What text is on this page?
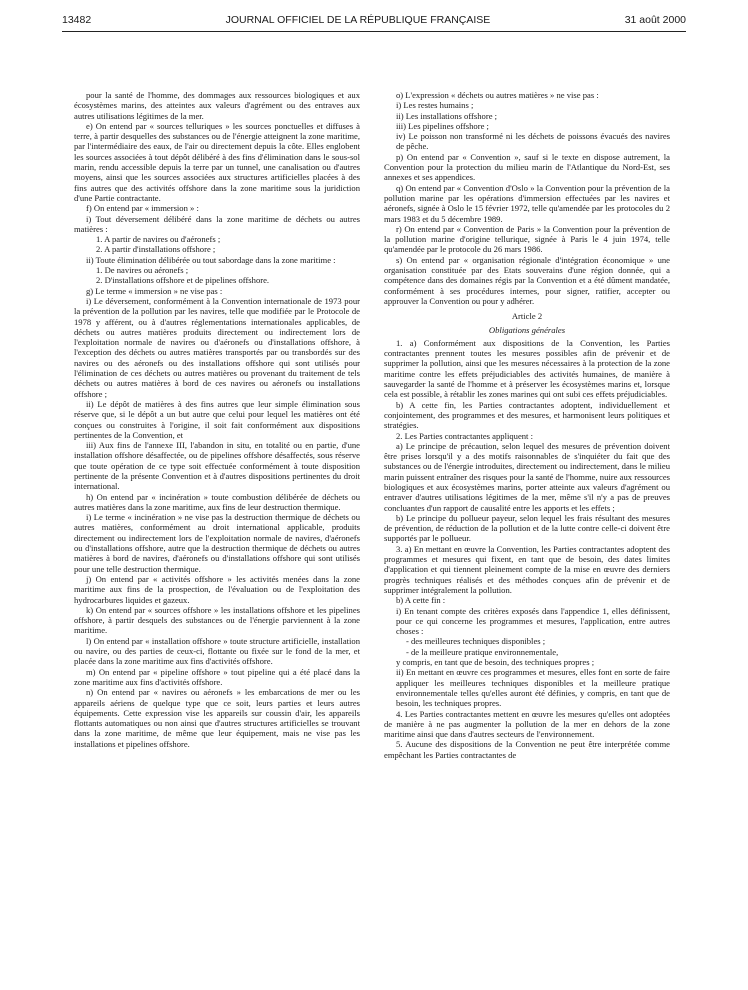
13482	JOURNAL OFFICIEL DE LA RÉPUBLIQUE FRANÇAISE	31 août 2000

pour la santé de l'homme, des dommages aux ressources biologiques et aux écosystèmes marins, des atteintes aux valeurs d'agrément ou des entraves aux autres utilisations légitimes de la mer.

e) On entend par « sources telluriques » les sources ponctuelles et diffuses à terre, à partir desquelles des substances ou de l'énergie atteignent la zone maritime, par l'intermédiaire des eaux, de l'air ou directement depuis la côte. Elles englobent les sources associées à tout dépôt délibéré à des fins d'élimination dans le sous-sol marin, rendu accessible depuis la terre par un tunnel, une canalisation ou d'autres moyens, ainsi que les sources associées aux structures artificielles placées à des fins autres que des activités offshore dans la zone maritime sous la juridiction d'une Partie contractante.

f) On entend par « immersion » :

i) Tout déversement délibéré dans la zone maritime de déchets ou autres matières :

1. A partir de navires ou d'aéronefs ;

2. A partir d'installations offshore ;

ii) Toute élimination délibérée ou tout sabordage dans la zone maritime :

1. De navires ou aéronefs ;

2. D'installations offshore et de pipelines offshore.

g) Le terme « immersion » ne vise pas :

i) Le déversement, conformément à la Convention internationale de 1973 pour la prévention de la pollution par les navires, telle que modifiée par le Protocole de 1978 y afférent, ou à d'autres réglementations internationales applicables, de déchets ou autres matières produits directement ou indirectement lors de l'exploitation normale de navires ou d'aéronefs ou d'installations offshore, à l'exception des déchets ou autres matières transportés par ou transbordés sur des navires ou des aéronefs ou des installations offshore qui sont utilisés pour l'élimination de ces déchets ou autres matières ou provenant du traitement de tels déchets ou autres matières à bord de ces navires ou aéronefs ou installations offshore ;

ii) Le dépôt de matières à des fins autres que leur simple élimination sous réserve que, si le dépôt a un but autre que celui pour lequel les matières ont été conçues ou construites à l'origine, il soit fait conformément aux dispositions pertinentes de la Convention, et

iii) Aux fins de l'annexe III, l'abandon in situ, en totalité ou en partie, d'une installation offshore désaffectée, ou de pipelines offshore désaffectés, sous réserve que toute opération de ce type soit effectuée conformément à toute disposition pertinente de la présente Convention et à d'autres dispositions pertinentes du droit international.

h) On entend par « incinération » toute combustion délibérée de déchets ou autres matières dans la zone maritime, aux fins de leur destruction thermique.

i) Le terme « incinération » ne vise pas la destruction thermique de déchets ou autres matières, conformément au droit international applicable, produits directement ou indirectement lors de l'exploitation normale de navires, d'aéronefs ou d'installations offshore, autre que la destruction thermique de déchets ou autres matières à bord de navires, d'aéronefs ou d'installations offshore qui sont utilisés pour une telle destruction thermique.

j) On entend par « activités offshore » les activités menées dans la zone maritime aux fins de la prospection, de l'évaluation ou de l'exploitation des hydrocarbures liquides et gazeux.

k) On entend par « sources offshore » les installations offshore et les pipelines offshore, à partir desquels des substances ou de l'énergie parviennent à la zone maritime.

l) On entend par « installation offshore » toute structure artificielle, installation ou navire, ou des parties de ceux-ci, flottante ou fixée sur le fond de la mer, et placée dans la zone maritime aux fins d'activités offshore.

m) On entend par « pipeline offshore » tout pipeline qui a été placé dans la zone maritime aux fins d'activités offshore.

n) On entend par « navires ou aéronefs » les embarcations de mer ou les appareils aériens de quelque type que ce soit, leurs parties et leurs autres équipements. Cette expression vise les appareils sur coussin d'air, les appareils flottants automatiques ou non ainsi que d'autres structures artificielles se trouvant dans la zone maritime, de même que leur équipement, mais ne vise pas les installations et pipelines offshore.

o) L'expression « déchets ou autres matières » ne vise pas :

i) Les restes humains ;

ii) Les installations offshore ;

iii) Les pipelines offshore ;

iv) Le poisson non transformé ni les déchets de poissons évacués des navires de pêche.

p) On entend par « Convention », sauf si le texte en dispose autrement, la Convention pour la protection du milieu marin de l'Atlantique du Nord-Est, ses annexes et ses appendices.

q) On entend par « Convention d'Oslo » la Convention pour la prévention de la pollution marine par les opérations d'immersion effectuées par les navires et aéronefs, signée à Oslo le 15 février 1972, telle qu'amendée par les protocoles du 2 mars 1983 et du 5 décembre 1989.

r) On entend par « Convention de Paris » la Convention pour la prévention de la pollution marine d'origine tellurique, signée à Paris le 4 juin 1974, telle qu'amendée par le protocole du 26 mars 1986.

s) On entend par « organisation régionale d'intégration économique » une organisation constituée par des Etats souverains d'une région donnée, qui a compétence dans des domaines régis par la Convention et a été dûment mandatée, conformément à ses procédures internes, pour signer, ratifier, accepter ou approuver la Convention ou pour y adhérer.

Article 2

Obligations générales

1. a) Conformément aux dispositions de la Convention, les Parties contractantes prennent toutes les mesures possibles afin de prévenir et de supprimer la pollution, ainsi que les mesures nécessaires à la protection de la zone maritime contre les effets préjudiciables des activités humaines, de manière à sauvegarder la santé de l'homme et à préserver les écosystèmes marins et, lorsque cela est possible, à rétablir les zones marines qui ont subi ces effets préjudiciables.

b) A cette fin, les Parties contractantes adoptent, individuellement et conjointement, des programmes et des mesures, et harmonisent leurs politiques et stratégies.

2. Les Parties contractantes appliquent :

a) Le principe de précaution, selon lequel des mesures de prévention doivent être prises lorsqu'il y a des motifs raisonnables de s'inquiéter du fait que des substances ou de l'énergie introduites, directement ou indirectement, dans le milieu marin puissent entraîner des risques pour la santé de l'homme, nuire aux ressources biologiques et aux écosystèmes marins, porter atteinte aux valeurs d'agrément ou entraver d'autres utilisations légitimes de la mer, même s'il n'y a pas de preuves concluantes d'un rapport de causalité entre les apports et les effets ;

b) Le principe du pollueur payeur, selon lequel les frais résultant des mesures de prévention, de réduction de la pollution et de la lutte contre celle-ci doivent être supportés par le pollueur.

3. a) En mettant en œuvre la Convention, les Parties contractantes adoptent des programmes et mesures qui fixent, en tant que de besoin, des dates limites d'application et qui tiennent pleinement compte de la mise en œuvre des derniers progrès techniques réalisés et des méthodes conçues afin de prévenir et de supprimer intégralement la pollution.

b) A cette fin :

i) En tenant compte des critères exposés dans l'appendice 1, elles définissent, pour ce qui concerne les programmes et mesures, l'application, entre autres choses :

- des meilleures techniques disponibles ;

- de la meilleure pratique environnementale,

y compris, en tant que de besoin, des techniques propres ;

ii) En mettant en œuvre ces programmes et mesures, elles font en sorte de faire appliquer les meilleures techniques disponibles et la meilleure pratique environnementale telles qu'elles auront été définies, y compris, en tant que de besoin, les techniques propres.

4. Les Parties contractantes mettent en œuvre les mesures qu'elles ont adoptées de manière à ne pas augmenter la pollution de la mer en dehors de la zone maritime ainsi que dans d'autres secteurs de l'environnement.

5. Aucune des dispositions de la Convention ne peut être interprétée comme empêchant les Parties contractantes de
